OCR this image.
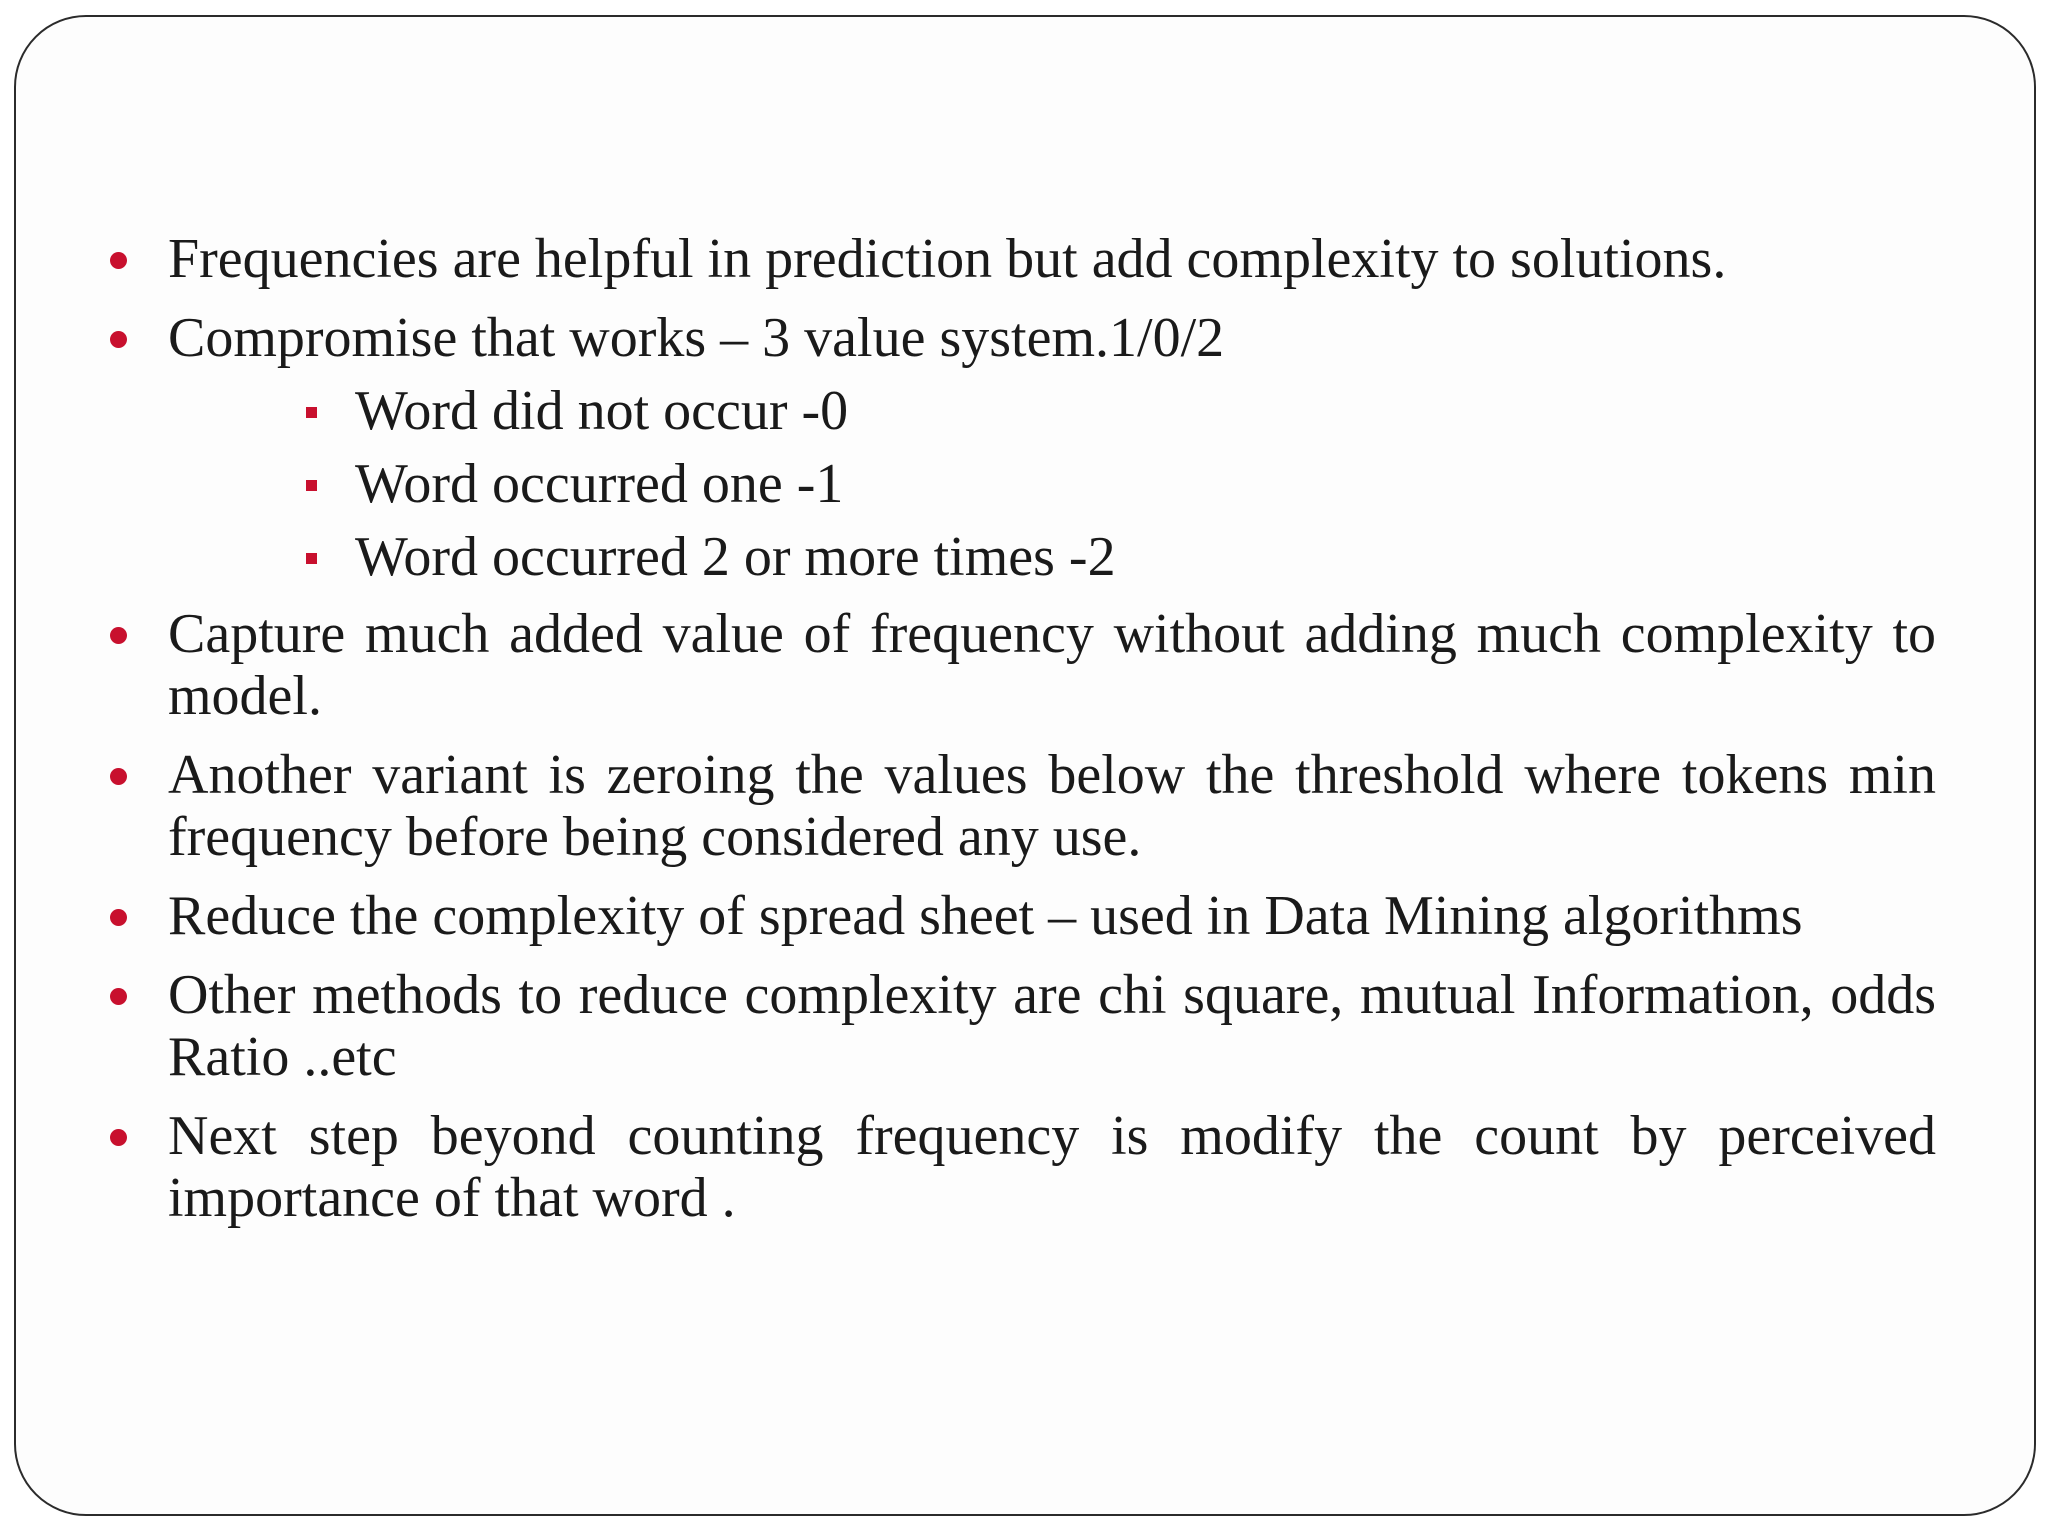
Frequencies are helpful in prediction but add complexity to solutions.
Compromise that works – 3 value system.1/0/2
Word did not occur -0
Word occurred one -1
Word occurred 2 or more times -2
Capture much added value of frequency without adding much complexity to model.
Another variant is zeroing the values below the threshold where tokens min frequency before being considered any use.
Reduce the complexity of spread sheet – used in Data Mining algorithms
Other methods to reduce complexity are chi square, mutual Information, odds Ratio ..etc
Next step beyond counting frequency is modify the count by perceived importance of that word .
